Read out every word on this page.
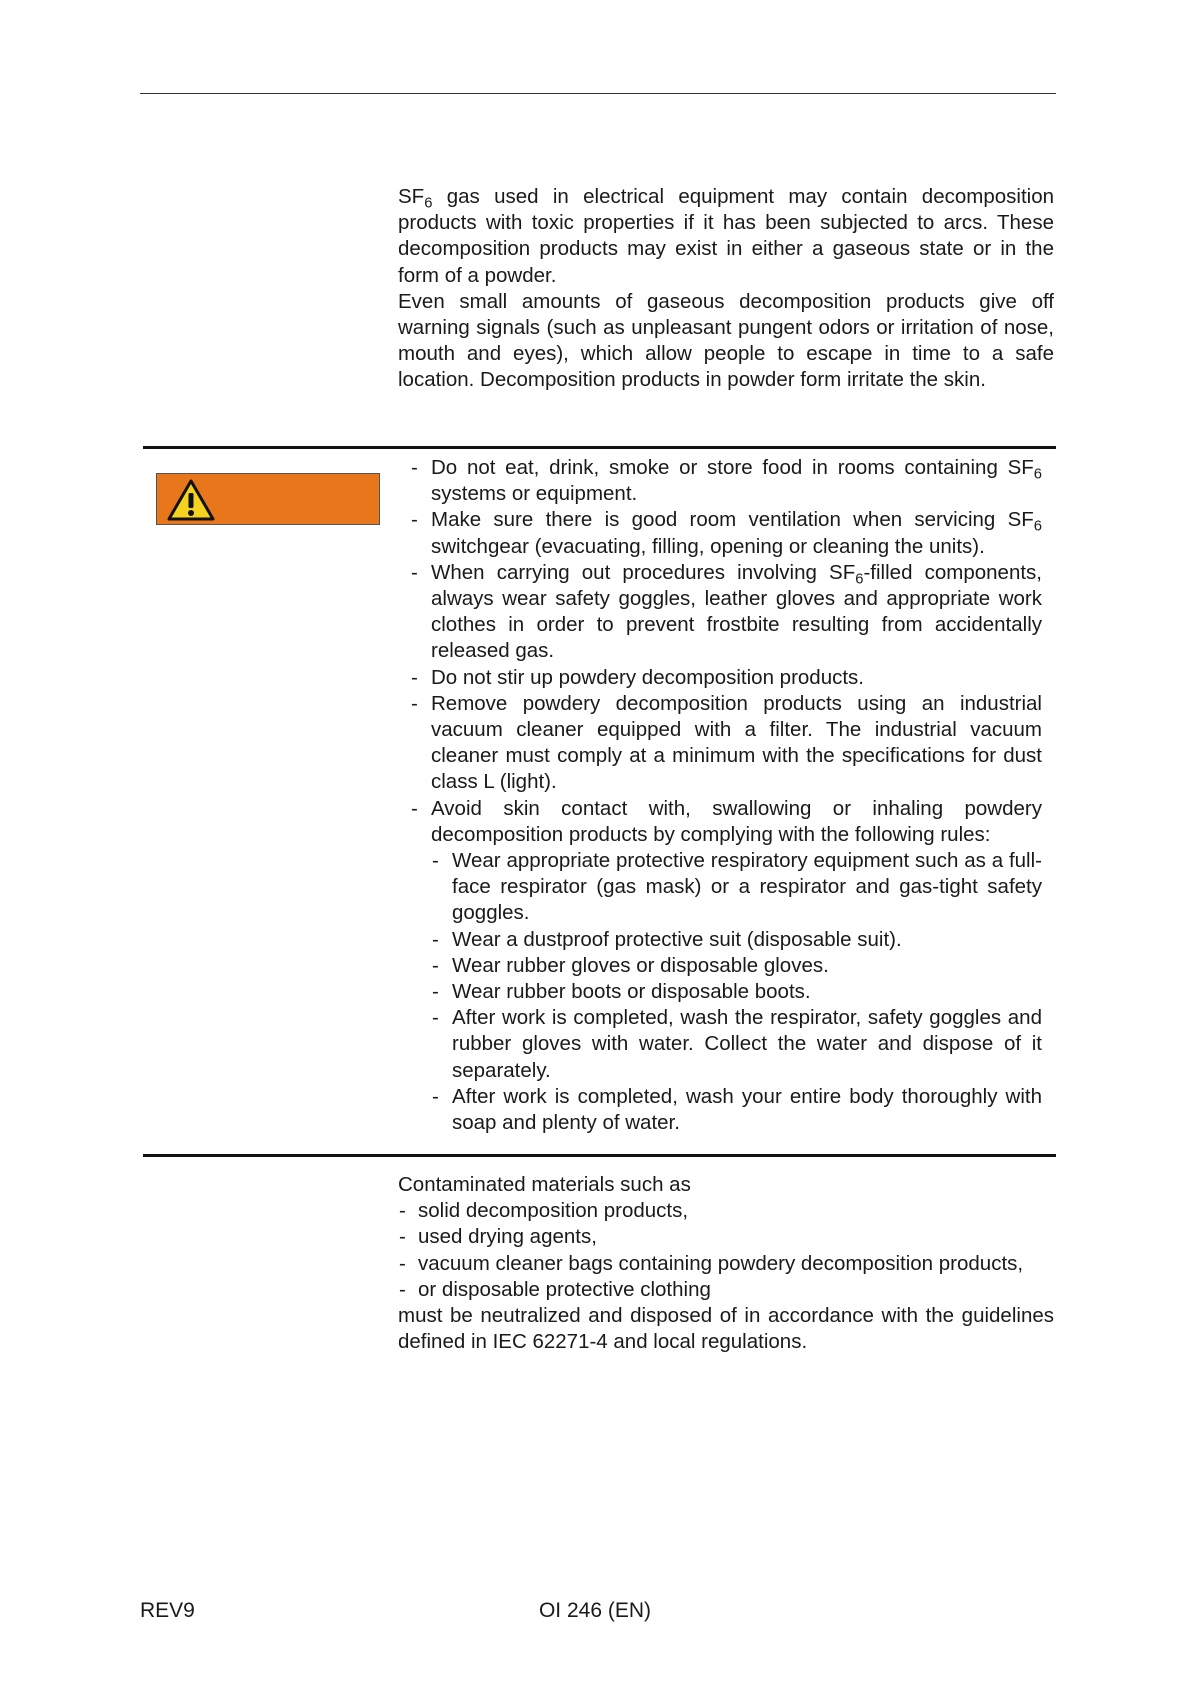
$SF_6$ gas used in electrical equipment may contain decomposition products with toxic properties if it has been subjected to arcs. These decomposition products may exist in either a gaseous state or in the form of a powder.

Even small amounts of gaseous decomposition products give off warning signals (such as unpleasant pungent odors or irritation of nose, mouth and eyes), which allow people to escape in time to a safe location. Decomposition products in powder form irritate the skin.

- Do not eat, drink, smoke or store food in rooms containing $SF_6$ systems or equipment.
- Make sure there is good room ventilation when servicing $SF_6$ switchgear (evacuating, filling, opening or cleaning the units).
- When carrying out procedures involving $SF_6$-filled components, always wear safety goggles, leather gloves and appropriate work clothes in order to prevent frostbite resulting from accidentally released gas.
- Do not stir up powdery decomposition products.
- Remove powdery decomposition products using an industrial vacuum cleaner equipped with a filter. The industrial vacuum cleaner must comply at a minimum with the specifications for dust class L (light).
- Avoid skin contact with, swallowing or inhaling powdery decomposition products by complying with the following rules:
- Wear appropriate protective respiratory equipment such as a full-face respirator (gas mask) or a respirator and gas-tight safety goggles.
- Wear a dustproof protective suit (disposable suit).
- Wear rubber gloves or disposable gloves.
- Wear rubber boots or disposable boots.
- After work is completed, wash the respirator, safety goggles and rubber gloves with water. Collect the water and dispose of it separately.
- After work is completed, wash your entire body thoroughly with soap and plenty of water.

Contaminated materials such as

- solid decomposition products,
- used drying agents,
- vacuum cleaner bags containing powdery decomposition products,
- or disposable protective clothing

must be neutralized and disposed of in accordance with the guidelines defined in IEC 62271-4 and local regulations.

REV9	OI 246 (EN)
